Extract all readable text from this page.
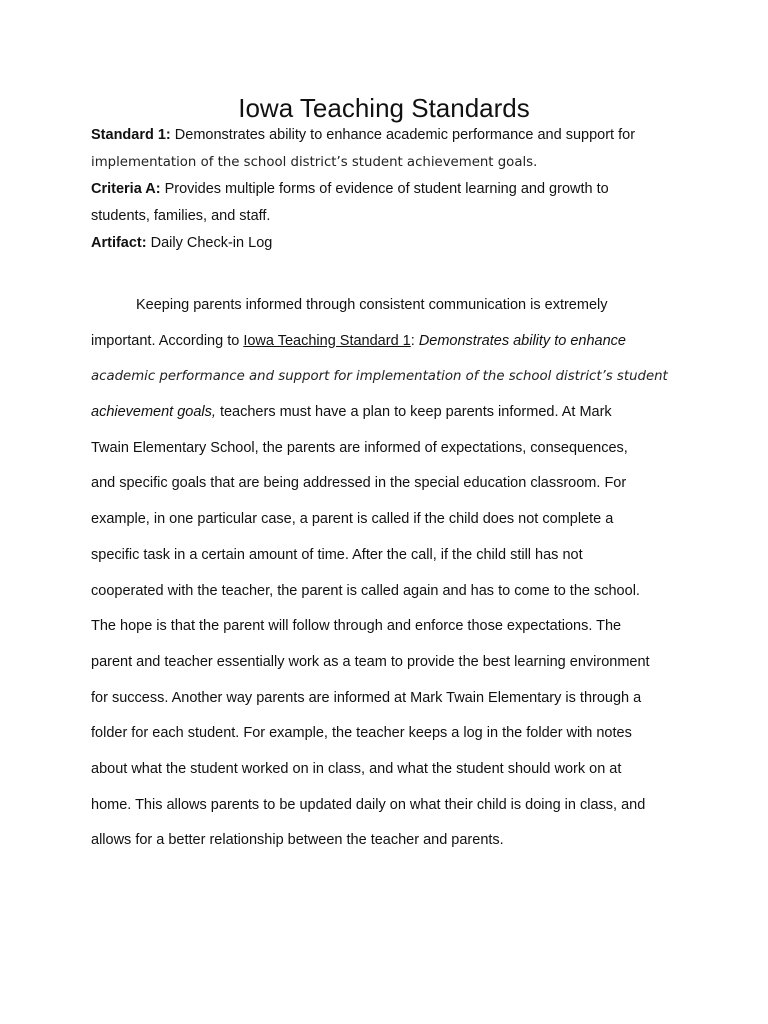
Iowa Teaching Standards
Standard 1: Demonstrates ability to enhance academic performance and support for
implementation of the school district’s student achievement goals.
Criteria A: Provides multiple forms of evidence of student learning and growth to
students, families, and staff.
Artifact: Daily Check-in Log
Keeping parents informed through consistent communication is extremely
important. According to Iowa Teaching Standard 1: Demonstrates ability to enhance
academic performance and support for implementation of the school district’s student
achievement goals, teachers must have a plan to keep parents informed. At Mark
Twain Elementary School, the parents are informed of expectations, consequences,
and specific goals that are being addressed in the special education classroom. For
example, in one particular case, a parent is called if the child does not complete a
specific task in a certain amount of time. After the call, if the child still has not
cooperated with the teacher, the parent is called again and has to come to the school.
The hope is that the parent will follow through and enforce those expectations. The
parent and teacher essentially work as a team to provide the best learning environment
for success. Another way parents are informed at Mark Twain Elementary is through a
folder for each student. For example, the teacher keeps a log in the folder with notes
about what the student worked on in class, and what the student should work on at
home. This allows parents to be updated daily on what their child is doing in class, and
allows for a better relationship between the teacher and parents.
